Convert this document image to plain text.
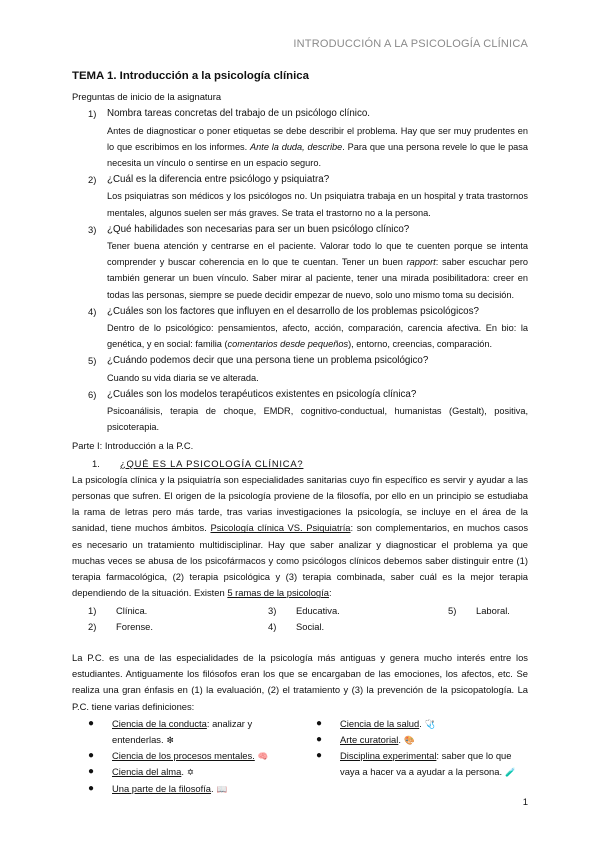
INTRODUCCIÓN A LA PSICOLOGÍA CLÍNICA
TEMA 1. Introducción a la psicología clínica

Preguntas de inicio de la asignatura

1)	Nombra tareas concretas del trabajo de un psicólogo clínico.
Antes de diagnosticar o poner etiquetas se debe describir el problema. Hay que ser muy prudentes en lo que escribimos en los informes. Ante la duda, describe. Para que una persona revele lo que le pasa necesita un vínculo o sentirse en un espacio seguro.
2)	¿Cuál es la diferencia entre psicólogo y psiquiatra?
Los psiquiatras son médicos y los psicólogos no. Un psiquiatra trabaja en un hospital y trata trastornos mentales, algunos suelen ser más graves. Se trata el trastorno no a la persona.
3)	¿Qué habilidades son necesarias para ser un buen psicólogo clínico?
Tener buena atención y centrarse en el paciente. Valorar todo lo que te cuenten porque se intenta comprender y buscar coherencia en lo que te cuentan. Tener un buen rapport: saber escuchar pero también generar un buen vínculo. Saber mirar al paciente, tener una mirada posibilitadora: creer en todas las personas, siempre se puede decidir empezar de nuevo, solo uno mismo toma su decisión.
4)	¿Cuáles son los factores que influyen en el desarrollo de los problemas psicológicos?
Dentro de lo psicológico: pensamientos, afecto, acción, comparación, carencia afectiva. En bio: la genética, y en social: familia (comentarios desde pequeños), entorno, creencias, comparación.
5)	¿Cuándo podemos decir que una persona tiene un problema psicológico?
Cuando su vida diaria se ve alterada.
6)	¿Cuáles son los modelos terapéuticos existentes en psicología clínica?
Psicoanálisis, terapia de choque, EMDR, cognitivo-conductual, humanistas (Gestalt), positiva, psicoterapia.

Parte I: Introducción a la P.C.

1.	¿QUÉ ES LA PSICOLOGÍA CLÍNICA?

La psicología clínica y la psiquiatría son especialidades sanitarias cuyo fin específico es servir y ayudar a las personas que sufren. El origen de la psicología proviene de la filosofía, por ello en un principio se estudiaba la rama de letras pero más tarde, tras varias investigaciones la psicología, se incluye en el área de la sanidad, tiene muchos ámbitos. Psicología clínica VS. Psiquiatría: son complementarios, en muchos casos es necesario un tratamiento multidisciplinar. Hay que saber analizar y diagnosticar el problema ya que muchas veces se abusa de los psicofármacos y como psicólogos clínicos debemos saber distinguir entre (1) terapia farmacológica, (2) terapia psicológica y (3) terapia combinada, saber cuál es la mejor terapia dependiendo de la situación. Existen 5 ramas de la psicología:

1)	Clínica.	3)	Educativa.	5)	Laboral.
2)	Forense.	4)	Social.

La P.C. es una de las especialidades de la psicología más antiguas y genera mucho interés entre los estudiantes. Antiguamente los filósofos eran los que se encargaban de las emociones, los afectos, etc. Se realiza una gran énfasis en (1) la evaluación, (2) el tratamiento y (3) la prevención de la psicopatología. La P.C. tiene varias definiciones:

●	Ciencia de la conducta: analizar y entenderlas. ❇
●	Ciencia de los procesos mentales. 🧠
●	Ciencia del alma. ✡
●	Una parte de la filosofía. 📖
●	Ciencia de la salud. 🩺
●	Arte curatorial. 🎨
●	Disciplina experimental: saber que lo que vaya a hacer va a ayudar a la persona. 🧪
1
